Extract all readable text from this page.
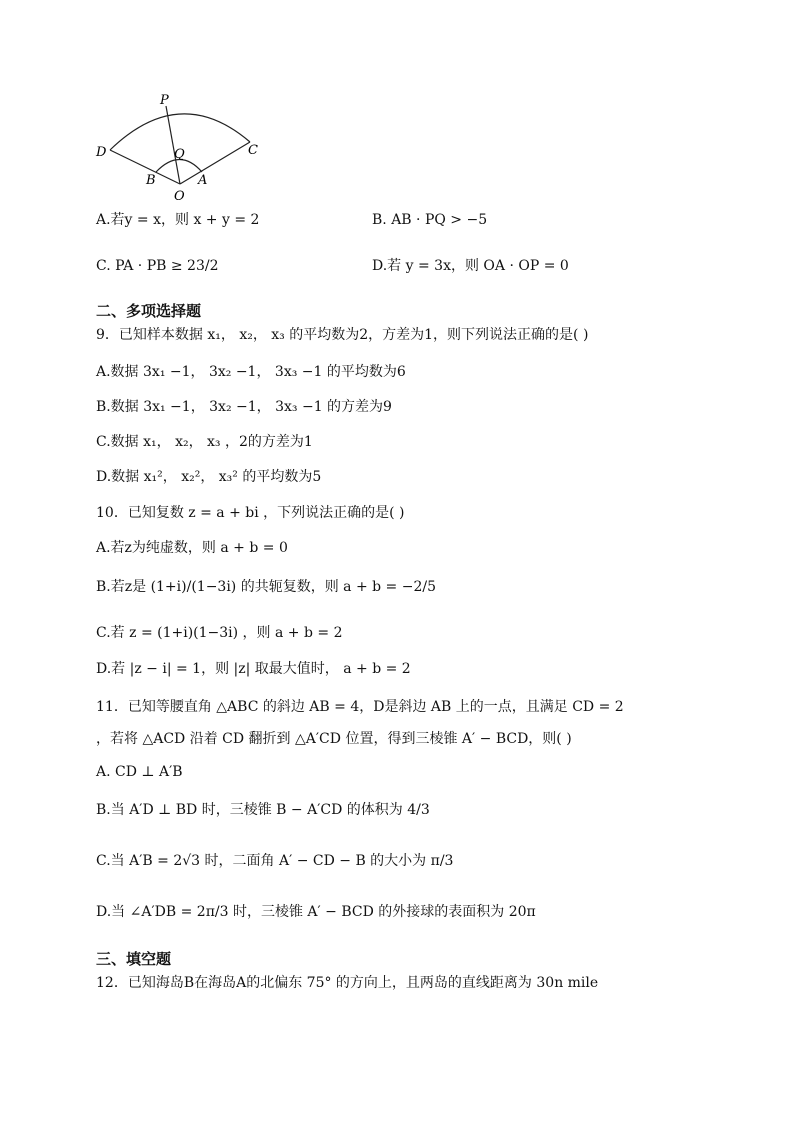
P
D	C
Q
B
O
A
A.若y = x，则 x + y = 2	B. AB · PQ > −5
C. PA · PB ≥ 23/2	D.若 y = 3x，则 OA · OP = 0
二、多项选择题
9．已知样本数据 x₁， x₂， x₃ 的平均数为2，方差为1，则下列说法正确的是( )
A.数据 3x₁ −1， 3x₂ −1， 3x₃ −1 的平均数为6
B.数据 3x₁ −1， 3x₂ −1， 3x₃ −1 的方差为9
C.数据 x₁， x₂， x₃ ，2的方差为1
D.数据 x₁²， x₂²， x₃² 的平均数为5
10．已知复数 z = a + bi ，下列说法正确的是( )
A.若z为纯虚数，则 a + b = 0
B.若z是 (1+i)/(1−3i) 的共轭复数，则 a + b = −2/5
C.若 z = (1+i)(1−3i) ，则 a + b = 2
D.若 |z − i| = 1，则 |z| 取最大值时， a + b = 2
11．已知等腰直角 △ABC 的斜边 AB = 4，D是斜边 AB 上的一点，且满足 CD = 2
，若将 △ACD 沿着 CD 翻折到 △A′CD 位置，得到三棱锥 A′ − BCD，则( )
A. CD ⊥ A′B
B.当 A′D ⊥ BD 时，三棱锥 B − A′CD 的体积为 4/3
C.当 A′B = 2√3 时，二面角 A′ − CD − B 的大小为 π/3
D.当 ∠A′DB = 2π/3 时，三棱锥 A′ − BCD 的外接球的表面积为 20π
三、填空题
12．已知海岛B在海岛A的北偏东 75° 的方向上，且两岛的直线距离为 30n mile
